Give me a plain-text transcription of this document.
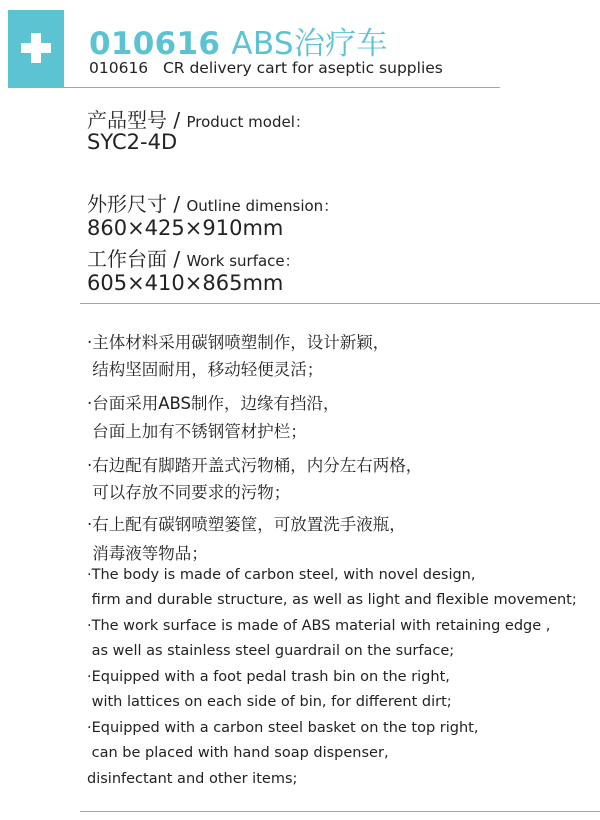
010616 ABS治疗车
010616   CR delivery cart for aseptic supplies
产品型号 / Product model：
SYC2-4D
外形尺寸 / Outline dimension：
860×425×910mm
工作台面 / Work surface：
605×410×865mm
·主体材料采用碳钢喷塑制作，设计新颖，
结构坚固耐用，移动轻便灵活；
·台面采用ABS制作，边缘有挡沿，
台面上加有不锈钢管材护栏；
·右边配有脚踏开盖式污物桶，内分左右两格，
可以存放不同要求的污物；
·右上配有碳钢喷塑篓筐，可放置洗手液瓶，
消毒液等物品；
·The body is made of carbon steel, with novel design,
firm and durable structure, as well as light and flexible movement;
·The work surface is made of ABS material with retaining edge ,
as well as stainless steel guardrail on the surface;
·Equipped with a foot pedal trash bin on the right,
with lattices on each side of bin, for different dirt;
·Equipped with a carbon steel basket on the top right,
can be placed with hand soap dispenser,
disinfectant and other items;
